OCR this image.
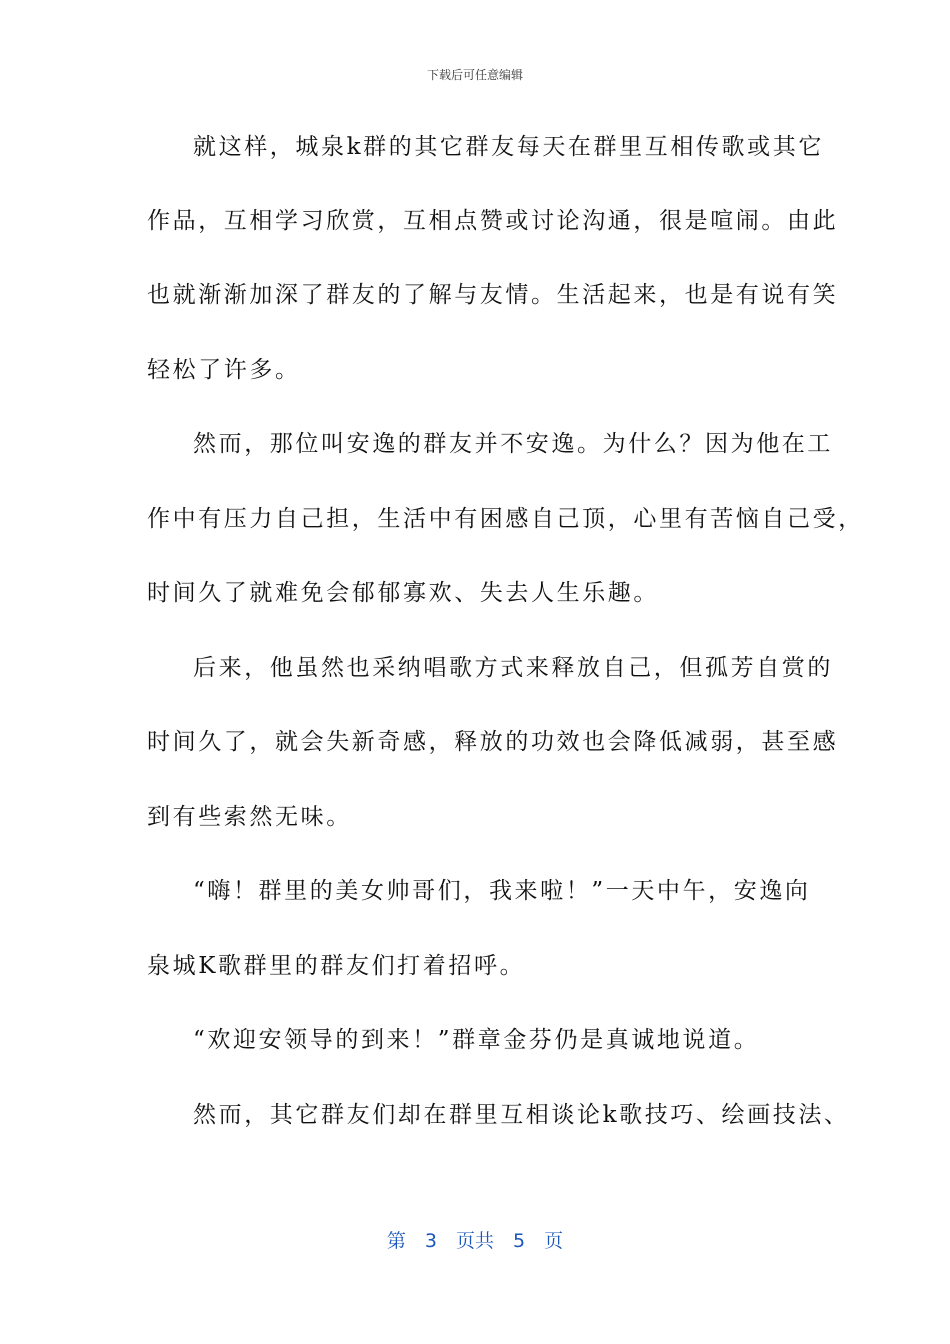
下载后可任意编辑
就这样，城泉k群的其它群友每天在群里互相传歌或其它
作品，互相学习欣赏，互相点赞或讨论沟通，很是喧闹。由此
也就渐渐加深了群友的了解与友情。生活起来，也是有说有笑
轻松了许多。
然而，那位叫安逸的群友并不安逸。为什么？因为他在工
作中有压力自己担，生活中有困感自己顶，心里有苦恼自己受，
时间久了就难免会郁郁寡欢、失去人生乐趣。
后来，他虽然也采纳唱歌方式来释放自己，但孤芳自赏的
时间久了，就会失新奇感，释放的功效也会降低减弱，甚至感
到有些索然无味。
“嗨！群里的美女帅哥们，我来啦！”一天中午，安逸向
泉城K歌群里的群友们打着招呼。
“欢迎安领导的到来！”群章金芬仍是真诚地说道。
然而，其它群友们却在群里互相谈论k歌技巧、绘画技法、
第　3　页共　5　页
